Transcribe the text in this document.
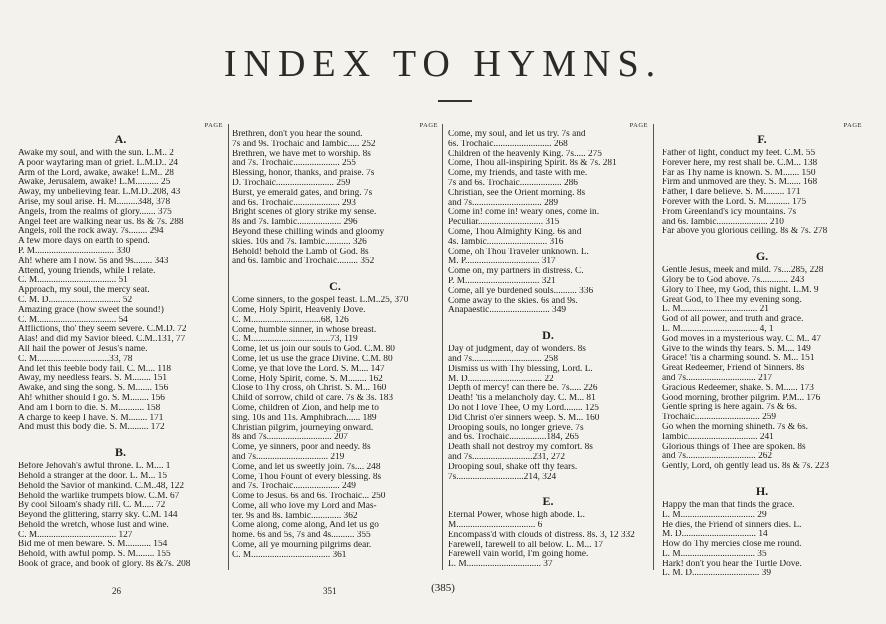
INDEX TO HYMNS.
PAGE
A.
Awake my soul, and with the sun. L.M.. 2
A poor wayfaring man of grief. L.M.D.. 24
Arm of the Lord, awake, awake! L.M.. 28
Awake, Jerusalem, awake! L.M.......... 25
Away, my unbelieving fear. L.M.D..208, 43
Arise, my soul arise. H. M.........348, 378
Angels, from the realms of glory....... 375
Angel feet are walking near us. 8s & 7s. 288
Angels, roll the rock away. 7s........ 294
A few more days on earth to spend.
P. M.................................. 330
Ah! where am I now. 5s and 9s........ 343
Attend, young friends, while I relate.
C. M.................................. 51
Approach, my soul, the mercy seat.
C. M. D............................... 52
Amazing grace (how sweet the sound!)
C. M.................................. 54
Afflictions, tho' they seem severe. C.M.D. 72
Alas! and did my Savior bleed. C.M..131, 77
All hail the power of Jesus's name.
C. M...............................33, 78
And let this feeble body fail. C. M.... 118
Away, my needless fears. S. M........ 151
Awake, and sing the song. S. M....... 156
Ah! whither should I go. S. M........ 156
And am I born to die. S. M........... 158
A charge to keep I have. S. M........ 171
And must this body die. S. M......... 172
B.
Before Jehovah's awful throne. L. M.... 1
Behold a stranger at the door. L. M... 15
Behold the Savior of mankind. C.M..48, 122
Behold the warlike trumpets blow. C.M. 67
By cool Siloam's shady rill. C. M..... 72
Beyond the glittering, starry sky. C.M. 144
Behold the wretch, whose lust and wine.
C. M.................................. 127
Bid me of men beware. S. M........... 154
Behold, with awful pomp. S. M........ 155
Book of grace, and book of glory. 8s &7s. 208
PAGE
Brethren, don't you hear the sound.
7s and 9s. Trochaic and Iambic..... 252
Brethren, we have met to worship. 8s
and 7s. Trochaic.................... 255
Blessing, honor, thanks, and praise. 7s
D. Trochaic......................... 259
Burst, ye emerald gates, and bring. 7s
and 6s. Trochaic.................... 293
Bright scenes of glory strike my sense.
8s and 7s. Iambic................... 296
Beyond these chilling winds and gloomy
skies. 10s and 7s. Iambic........... 326
Behold! behold the Lamb of God. 8s
and 6s. Iambic and Trochaic......... 352
C.
Come sinners, to the gospel feast. L.M..25, 370
Come, Holy Spirit, Heavenly Dove.
C. M..............................68, 126
Come, humble sinner, in whose breast.
C. M..................................73, 119
Come, let us join our souls to God. C.M. 80
Come, let us use the grace Divine. C.M. 80
Come, ye that love the Lord. S. M.... 147
Come, Holy Spirit, come. S. M........ 162
Close to Thy cross, oh Christ. S. M... 160
Child of sorrow, child of care. 7s & 3s. 183
Come, children of Zion, and help me to
sing. 10s and 11s. Amphibrach...... 189
Christian pilgrim, journeying onward.
8s and 7s............................ 207
Come, ye sinners, poor and needy. 8s
and 7s............................... 219
Come, and let us sweetly join. 7s.... 248
Come, Thou Fount of every blessing. 8s
and 7s. Trochaic.................... 249
Come to Jesus. 6s and 6s. Trochaic... 250
Come, all who love my Lord and Mas-
ter. 9s and 8s. Iambic............. 362
Come along, come along, And let us go
home. 6s and 5s, 7s and 4s.......... 355
Come, all ye mourning pilgrims dear.
C. M.................................. 361
PAGE
Come, my soul, and let us try. 7s and
6s. Trochaic......................... 268
Children of the heavenly King. 7s..... 275
Come, Thou all-inspiring Spirit. 8s & 7s. 281
Come, my friends, and taste with me.
7s and 6s. Trochaic.................. 286
Christian, see the Orient morning. 8s
and 7s.............................. 289
Come in! come in! weary ones, come in.
Peculiar............................ 315
Come, Thou Almighty King. 6s and
4s. Iambic.......................... 316
Come, oh Thou Traveler unknown. L.
M. P................................ 317
Come on, my partners in distress. C.
P. M................................ 321
Come, all ye burdened souls.......... 336
Come away to the skies. 6s and 9s.
Anapaestic.......................... 349
D.
Day of judgment, day of wonders. 8s
and 7s.............................. 258
Dismiss us with Thy blessing, Lord. L.
M. D................................ 22
Depth of mercy! can there be. 7s..... 226
Death! 'tis a melancholy day. C. M... 81
Do not I love Thee, O my Lord........ 125
Did Christ o'er sinners weep. S. M... 160
Drooping souls, no longer grieve. 7s
and 6s. Trochaic................184, 265
Death shall not destroy my comfort. 8s
and 7s..........................231, 272
Drooping soul, shake off thy fears.
7s.............................214, 324
E.
Eternal Power, whose high abode. L.
M.................................. 6
Encompass'd with clouds of distress. 8s. 3, 12 332
Farewell, farewell to all below. L. M... 17
Farewell vain world, I'm going home.
L. M................................ 37
PAGE
F.
Father of light, conduct my feet. C.M. 55
Forever here, my rest shall be. C.M... 138
Far as Thy name is known. S. M....... 150
Firm and unmoved are they. S. M...... 168
Father, I dare believe. S. M......... 171
Forever with the Lord. S. M.......... 175
From Greenland's icy mountains. 7s
and 6s. Iambic...................... 210
Far above you glorious ceiling. 8s & 7s. 278
G.
Gentle Jesus, meek and mild. 7s....285, 228
Glory be to God above. 7s............ 243
Glory to Thee, my God, this night. L.M. 9
Great God, to Thee my evening song.
L. M................................. 21
God of all power, and truth and grace.
L. M................................. 4, 1
God moves in a mysterious way. C. M.. 47
Give to the winds thy fears. S. M.... 149
Grace! 'tis a charming sound. S. M... 151
Great Redeemer, Friend of Sinners. 8s
and 7s.............................. 217
Gracious Redeemer, shake. S. M...... 173
Good morning, brother pilgrim. P.M... 176
Gentle spring is here again. 7s & 6s.
Trochaic............................ 259
Go when the morning shineth. 7s & 6s.
Iambic.............................. 241
Glorious things of Thee are spoken. 8s
and 7s.............................. 262
Gently, Lord, oh gently lead us. 8s & 7s. 223
H.
Happy the man that finds the grace.
L. M................................ 29
He dies, the Friend of sinners dies. L.
M. D................................ 14
How do Thy mercies close me round.
L. M................................ 35
Hark! don't you hear the Turtle Dove.
L. M. D............................. 39
26	(385)
351
